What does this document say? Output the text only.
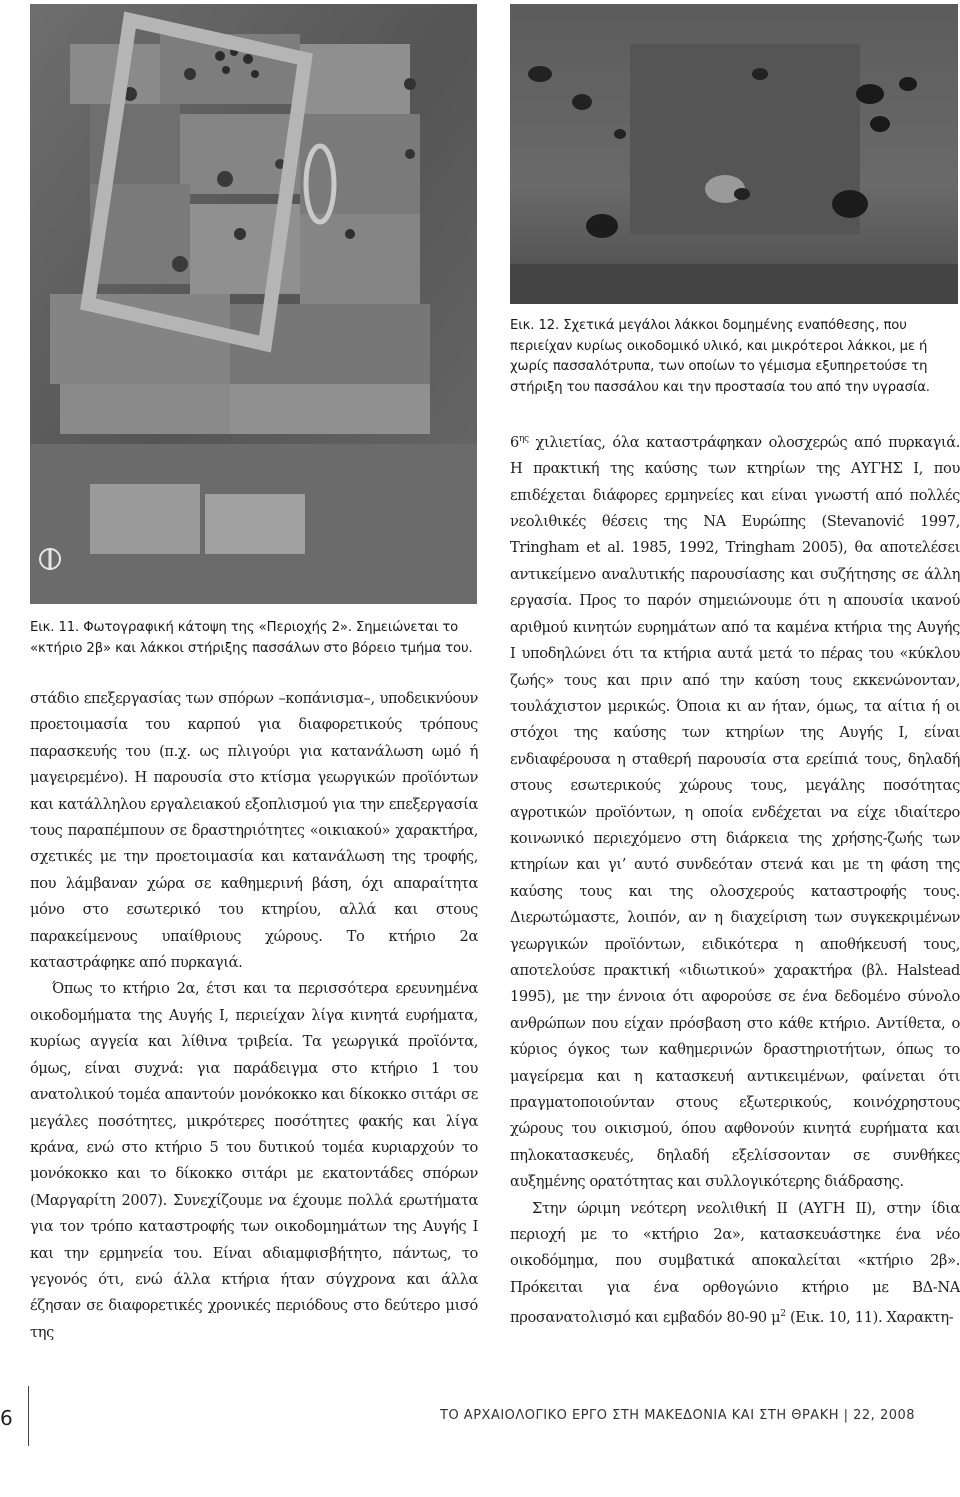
Εικ. 12. Σχετικά μεγάλοι λάκκοι δομημένης εναπόθεσης, που περιείχαν κυρίως οικοδομικό υλικό, και μικρότεροι λάκκοι, με ή χωρίς πασσαλότρυπα, των οποίων το γέμισμα εξυπηρετούσε τη στήριξη του πασσάλου και την προστασία του από την υγρασία.
Εικ. 11. Φωτογραφική κάτοψη της «Περιοχής 2». Σημειώνεται το «κτήριο 2β» και λάκκοι στήριξης πασσάλων στο βόρειο τμήμα του.

στάδιο επεξεργασίας των σπόρων –κοπάνισμα–, υποδεικνύουν προετοιμασία του καρπού για διαφορετικούς τρόπους παρασκευής του (π.χ. ως πλιγούρι για κατανάλωση ωμό ή μαγειρεμένο). Η παρουσία στο κτίσμα γεωργικών προϊόντων και κατάλληλου εργαλειακού εξοπλισμού για την επεξεργασία τους παραπέμπουν σε δραστηριότητες «οικιακού» χαρακτήρα, σχετικές με την προετοιμασία και κατανάλωση της τροφής, που λάμβαναν χώρα σε καθημερινή βάση, όχι απαραίτητα μόνο στο εσωτερικό του κτηρίου, αλλά και στους παρακείμενους υπαίθριους χώρους. Το κτήριο 2α καταστράφηκε από πυρκαγιά.

Όπως το κτήριο 2α, έτσι και τα περισσότερα ερευνημένα οικοδομήματα της Αυγής Ι, περιείχαν λίγα κινητά ευρήματα, κυρίως αγγεία και λίθινα τριβεία. Τα γεωργικά προϊόντα, όμως, είναι συχνά: για παράδειγμα στο κτήριο 1 του ανατολικού τομέα απαντούν μονόκοκκο και δίκοκκο σιτάρι σε μεγάλες ποσότητες, μικρότερες ποσότητες φακής και λίγα κράνα, ενώ στο κτήριο 5 του δυτικού τομέα κυριαρχούν το μονόκοκκο και το δίκοκκο σιτάρι με εκατοντάδες σπόρων (Μαργαρίτη 2007). Συνεχίζουμε να έχουμε πολλά ερωτήματα για τον τρόπο καταστροφής των οικοδομημάτων της Αυγής Ι και την ερμηνεία του. Είναι αδιαμφισβήτητο, πάντως, το γεγονός ότι, ενώ άλλα κτήρια ήταν σύγχρονα και άλλα έζησαν σε διαφορετικές χρονικές περιόδους στο δεύτερο μισό της

$6^{\eta\varsigma}$ χιλιετίας, όλα καταστράφηκαν ολοσχερώς από πυρκαγιά. Η πρακτική της καύσης των κτηρίων της ΑΥΓΗΣ Ι, που επιδέχεται διάφορες ερμηνείες και είναι γνωστή από πολλές νεολιθικές θέσεις της ΝΑ Ευρώπης (Stevanović 1997, Tringham et al. 1985, 1992, Tringham 2005), θα αποτελέσει αντικείμενο αναλυτικής παρουσίασης και συζήτησης σε άλλη εργασία. Προς το παρόν σημειώνουμε ότι η απουσία ικανού αριθμού κινητών ευρημάτων από τα καμένα κτήρια της Αυγής Ι υποδηλώνει ότι τα κτήρια αυτά μετά το πέρας του «κύκλου ζωής» τους και πριν από την καύση τους εκκενώνονταν, τουλάχιστον μερικώς. Όποια κι αν ήταν, όμως, τα αίτια ή οι στόχοι της καύσης των κτηρίων της Αυγής Ι, είναι ενδιαφέρουσα η σταθερή παρουσία στα ερείπιά τους, δηλαδή στους εσωτερικούς χώρους τους, μεγάλης ποσότητας αγροτικών προϊόντων, η οποία ενδέχεται να είχε ιδιαίτερο κοινωνικό περιεχόμενο στη διάρκεια της χρήσης-ζωής των κτηρίων και γι’ αυτό συνδεόταν στενά και με τη φάση της καύσης τους και της ολοσχερούς καταστροφής τους. Διερωτώμαστε, λοιπόν, αν η διαχείριση των συγκεκριμένων γεωργικών προϊόντων, ειδικότερα η αποθήκευσή τους, αποτελούσε πρακτική «ιδιωτικού» χαρακτήρα (βλ. Halstead 1995), με την έννοια ότι αφορούσε σε ένα δεδομένο σύνολο ανθρώπων που είχαν πρόσβαση στο κάθε κτήριο. Αντίθετα, ο κύριος όγκος των καθημερινών δραστηριοτήτων, όπως το μαγείρεμα και η κατασκευή αντικειμένων, φαίνεται ότι πραγματοποιούνταν στους εξωτερικούς, κοινόχρηστους χώρους του οικισμού, όπου αφθονούν κινητά ευρήματα και πηλοκατασκευές, δηλαδή εξελίσσονταν σε συνθήκες αυξημένης ορατότητας και συλλογικότερης διάδρασης.

Στην ώριμη νεότερη νεολιθική ΙΙ (ΑΥΓΗ ΙΙ), στην ίδια περιοχή με το «κτήριο 2α», κατασκευάστηκε ένα νέο οικοδόμημα, που συμβατικά αποκαλείται «κτήριο 2β». Πρόκειται για ένα ορθογώνιο κτήριο με ΒΔ-ΝΑ προσανατολισμό και εμβαδόν 80-90 $\mu^2$ (Εικ. 10, 11). Χαρακτη-

6	ΤΟ ΑΡΧΑΙΟΛΟΓΙΚΟ ΕΡΓΟ ΣΤΗ ΜΑΚΕΔΟΝΙΑ ΚΑΙ ΣΤΗ ΘΡΑΚΗ | 22, 2008
